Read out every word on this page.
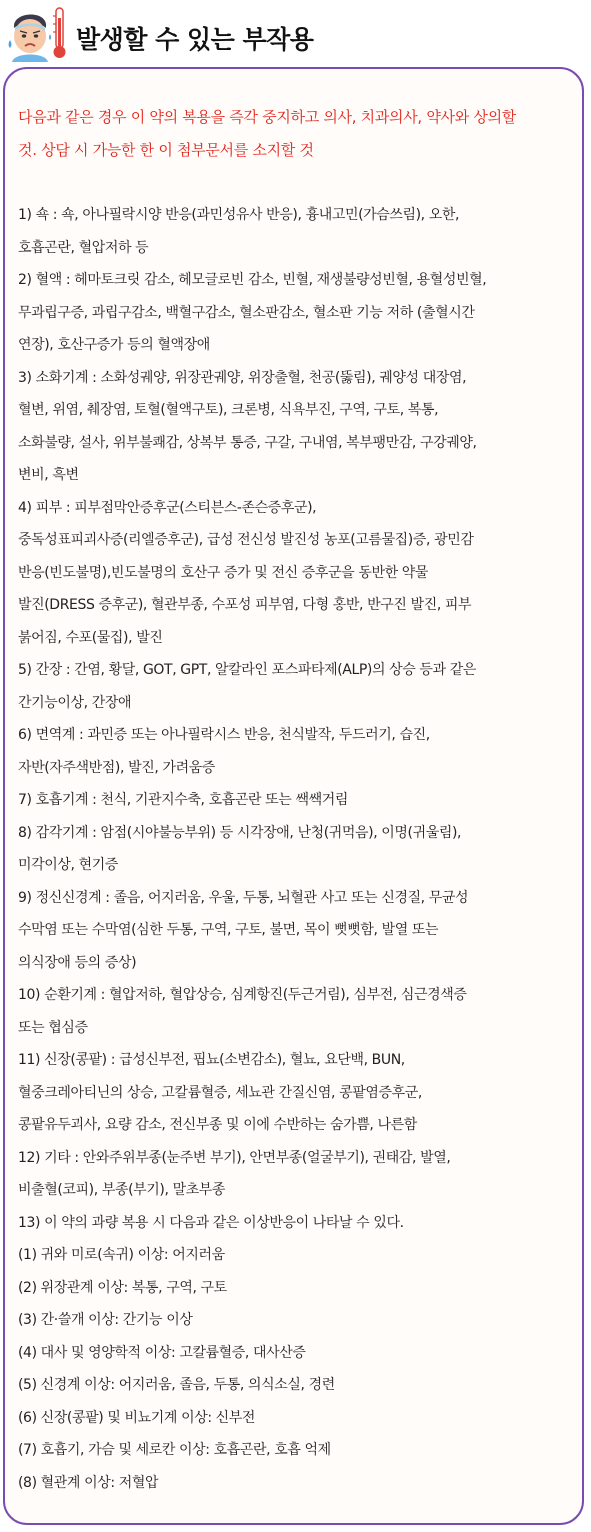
발생할 수 있는 부작용

다음과 같은 경우 이 약의 복용을 즉각 중지하고 의사, 치과의사, 약사와 상의할

것. 상담 시 가능한 한 이 첨부문서를 소지할 것

1) 쇽 : 쇽, 아나필락시양 반응(과민성유사 반응), 흉내고민(가슴쓰림), 오한,
호흡곤란, 혈압저하 등
2) 혈액 : 헤마토크릿 감소, 헤모글로빈 감소, 빈혈, 재생불량성빈혈, 용혈성빈혈,
무과립구증, 과립구감소, 백혈구감소, 혈소판감소, 혈소판 기능 저하 (출혈시간
연장), 호산구증가 등의 혈액장애
3) 소화기계 : 소화성궤양, 위장관궤양, 위장출혈, 천공(뚫림), 궤양성 대장염,
혈변, 위염, 췌장염, 토혈(혈액구토), 크론병, 식욕부진, 구역, 구토, 복통,
소화불량, 설사, 위부불쾌감, 상복부 통증, 구갈, 구내염, 복부팽만감, 구강궤양,
변비, 흑변
4) 피부 : 피부점막안증후군(스티븐스-존슨증후군),
중독성표피괴사증(리엘증후군), 급성 전신성 발진성 농포(고름물집)증, 광민감
반응(빈도불명),빈도불명의 호산구 증가 및 전신 증후군을 동반한 약물
발진(DRESS 증후군), 혈관부종, 수포성 피부염, 다형 홍반, 반구진 발진, 피부
붉어짐, 수포(물집), 발진
5) 간장 : 간염, 황달, GOT, GPT, 알칼라인 포스파타제(ALP)의 상승 등과 같은
간기능이상, 간장애
6) 면역계 : 과민증 또는 아나필락시스 반응, 천식발작, 두드러기, 습진,
자반(자주색반점), 발진, 가려움증
7) 호흡기계 : 천식, 기관지수축, 호흡곤란 또는 쌕쌕거림
8) 감각기계 : 암점(시야불능부위) 등 시각장애, 난청(귀먹음), 이명(귀울림),
미각이상, 현기증
9) 정신신경계 : 졸음, 어지러움, 우울, 두통, 뇌혈관 사고 또는 신경질, 무균성
수막염 또는 수막염(심한 두통, 구역, 구토, 불면, 목이 뻣뻣함, 발열 또는
의식장애 등의 증상)
10) 순환기계 : 혈압저하, 혈압상승, 심계항진(두근거림), 심부전, 심근경색증
또는 협심증
11) 신장(콩팥) : 급성신부전, 핍뇨(소변감소), 혈뇨, 요단백, BUN,
혈중크레아티닌의 상승, 고칼륨혈증, 세뇨관 간질신염, 콩팥염증후군,
콩팥유두괴사, 요량 감소, 전신부종 및 이에 수반하는 숨가쁨, 나른함
12) 기타 : 안와주위부종(눈주변 부기), 안면부종(얼굴부기), 권태감, 발열,
비출혈(코피), 부종(부기), 말초부종
13) 이 약의 과량 복용 시 다음과 같은 이상반응이 나타날 수 있다.
(1) 귀와 미로(속귀) 이상: 어지러움
(2) 위장관계 이상: 복통, 구역, 구토
(3) 간·쓸개 이상: 간기능 이상
(4) 대사 및 영양학적 이상: 고칼륨혈증, 대사산증
(5) 신경계 이상: 어지러움, 졸음, 두통, 의식소실, 경련
(6) 신장(콩팥) 및 비뇨기계 이상: 신부전
(7) 호흡기, 가슴 및 세로칸 이상: 호흡곤란, 호흡 억제
(8) 혈관계 이상: 저혈압
